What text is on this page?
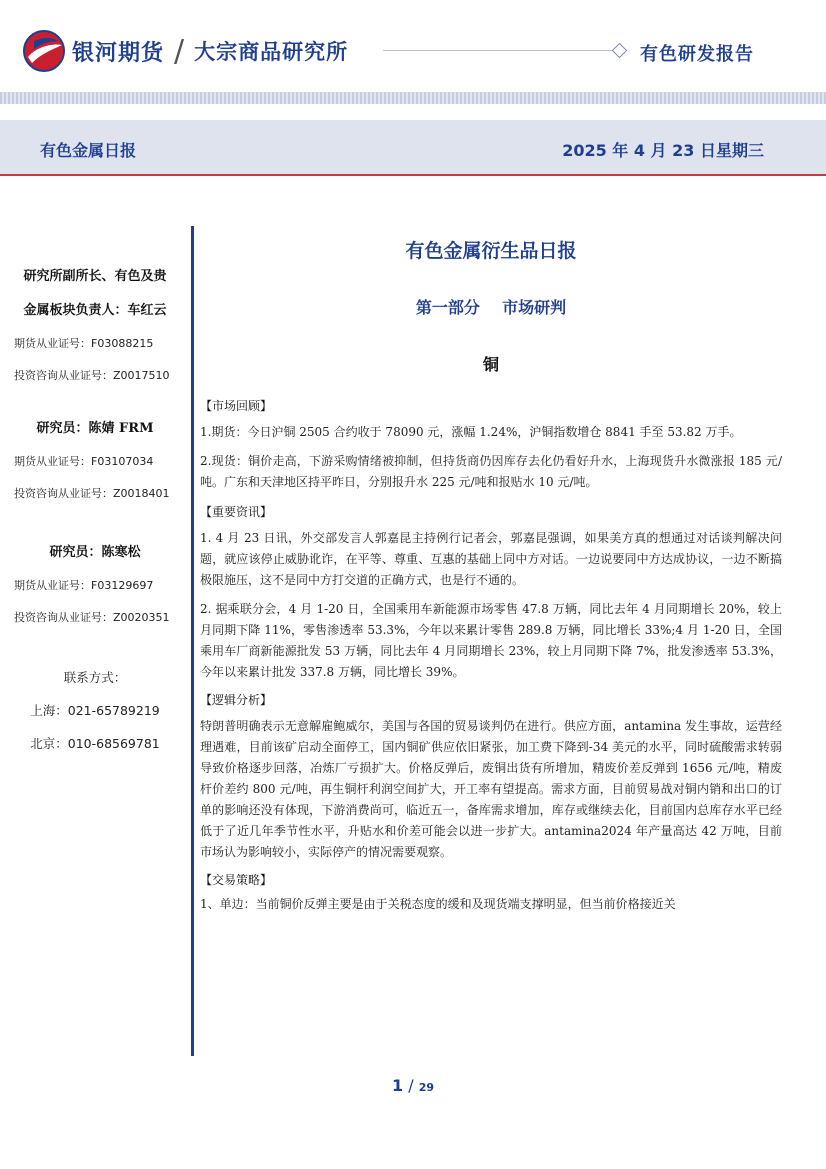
银河期货 / 大宗商品研究所	有色研发报告
有色金属日报	2025 年 4 月 23 日星期三
研究所副所长、有色及贵
金属板块负责人：车红云
期货从业证号：F03088215
投资咨询从业证号：Z0017510
研究员：陈婧 FRM
期货从业证号：F03107034
投资咨询从业证号：Z0018401
研究员：陈寒松
期货从业证号：F03129697
投资咨询从业证号：Z0020351
联系方式：
上海：021-65789219
北京：010-68569781
有色金属衍生品日报
第一部分    市场研判
铜
【市场回顾】
1.期货：今日沪铜 2505 合约收于 78090 元，涨幅 1.24%，沪铜指数增仓 8841 手至 53.82 万手。
2.现货：铜价走高，下游采购情绪被抑制，但持货商仍因库存去化仍看好升水，上海现货升水微涨报 185 元/吨。广东和天津地区持平昨日，分别报升水 225 元/吨和报贴水 10 元/吨。
【重要资讯】
1. 4 月 23 日讯，外交部发言人郭嘉昆主持例行记者会，郭嘉昆强调，如果美方真的想通过对话谈判解决问题，就应该停止威胁讹诈，在平等、尊重、互惠的基础上同中方对话。一边说要同中方达成协议，一边不断搞极限施压，这不是同中方打交道的正确方式，也是行不通的。
2. 据乘联分会，4 月 1-20 日，全国乘用车新能源市场零售 47.8 万辆，同比去年 4 月同期增长 20%，较上月同期下降 11%，零售渗透率 53.3%，今年以来累计零售 289.8 万辆，同比增长 33%;4 月 1-20 日，全国乘用车厂商新能源批发 53 万辆，同比去年 4 月同期增长 23%，较上月同期下降 7%，批发渗透率 53.3%，今年以来累计批发 337.8 万辆，同比增长 39%。
【逻辑分析】
特朗普明确表示无意解雇鲍威尔，美国与各国的贸易谈判仍在进行。供应方面，antamina 发生事故，运营经理遇难，目前该矿启动全面停工，国内铜矿供应依旧紧张，加工费下降到-34 美元的水平，同时硫酸需求转弱导致价格逐步回落，冶炼厂亏损扩大。价格反弹后，废铜出货有所增加，精废价差反弹到 1656 元/吨，精废杆价差约 800 元/吨，再生铜杆利润空间扩大，开工率有望提高。需求方面，目前贸易战对铜内销和出口的订单的影响还没有体现，下游消费尚可，临近五一，备库需求增加，库存或继续去化，目前国内总库存水平已经低于了近几年季节性水平，升贴水和价差可能会以进一步扩大。antamina2024 年产量高达 42 万吨，目前市场认为影响较小，实际停产的情况需要观察。
【交易策略】
1、单边：当前铜价反弹主要是由于关税态度的缓和及现货端支撑明显，但当前价格接近关
1 / 29
